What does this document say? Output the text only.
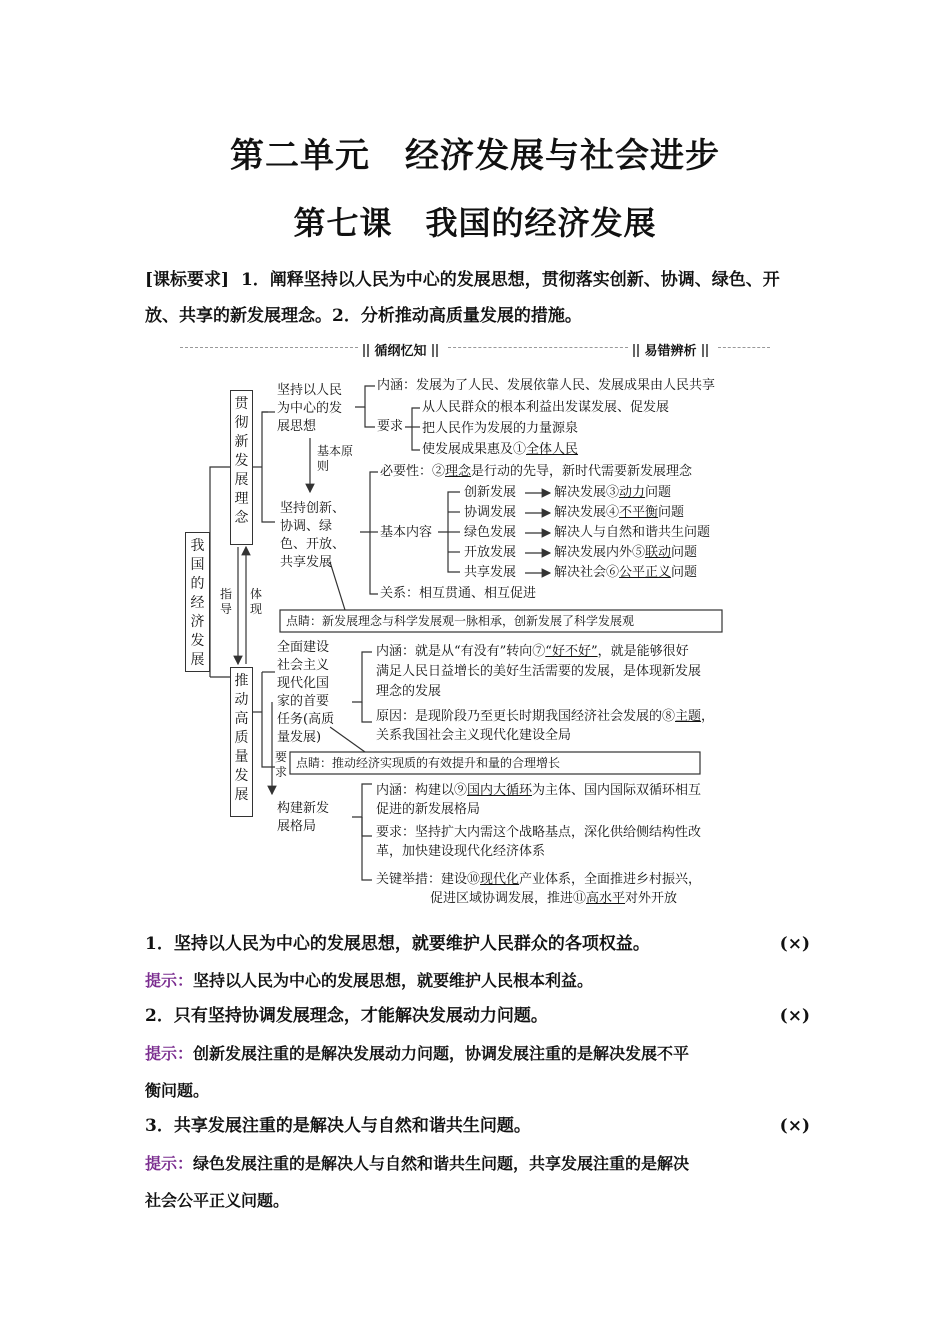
第二单元　经济发展与社会进步
第七课　我国的经济发展
[课标要求] 1．阐释坚持以人民为中心的发展思想，贯彻落实创新、协调、绿色、开放、共享的新发展理念。2．分析推动高质量发展的措施。
循纲忆知	易错辨析
我国的经济发展
指导
体现
贯彻新发展理念
推动高质量发展
坚持以人民
为中心的发
展思想
基本原则
内涵：发展为了人民、发展依靠人民、发展成果由人民共享
要求
从人民群众的根本利益出发谋发展、促发展
把人民作为发展的力量源泉
使发展成果惠及①全体人民
坚持创新、
协调、绿
色、开放、
共享发展
必要性：②理念是行动的先导，新时代需要新发展理念
基本内容
创新发展	解决发展③动力问题
协调发展	解决发展④不平衡问题
绿色发展	解决人与自然和谐共生问题
开放发展	解决发展内外⑤联动问题
共享发展	解决社会⑥公平正义问题
关系：相互贯通、相互促进
点睛：新发展理念与科学发展观一脉相承，创新发展了科学发展观
全面建设
社会主义
现代化国
家的首要
任务(高质
量发展)
内涵：就是从“有没有”转向⑦“好不好”，就是能够很好
满足人民日益增长的美好生活需要的发展，是体现新发展
理念的发展
原因：是现阶段乃至更长时期我国经济社会发展的⑧主题，
关系我国社会主义现代化建设全局
要求
点睛：推动经济实现质的有效提升和量的合理增长
构建新发
展格局
内涵：构建以⑨国内大循环为主体、国内国际双循环相互
促进的新发展格局
要求：坚持扩大内需这个战略基点，深化供给侧结构性改
革，加快建设现代化经济体系
关键举措：建设⑩现代化产业体系，全面推进乡村振兴，
促进区域协调发展，推进⑪高水平对外开放
1．坚持以人民为中心的发展思想，就要维护人民群众的各项权益。	(×)
提示：坚持以人民为中心的发展思想，就要维护人民根本利益。
2．只有坚持协调发展理念，才能解决发展动力问题。	(×)
提示：创新发展注重的是解决发展动力问题，协调发展注重的是解决发展不平
衡问题。
3．共享发展注重的是解决人与自然和谐共生问题。	(×)
提示：绿色发展注重的是解决人与自然和谐共生问题，共享发展注重的是解决
社会公平正义问题。
